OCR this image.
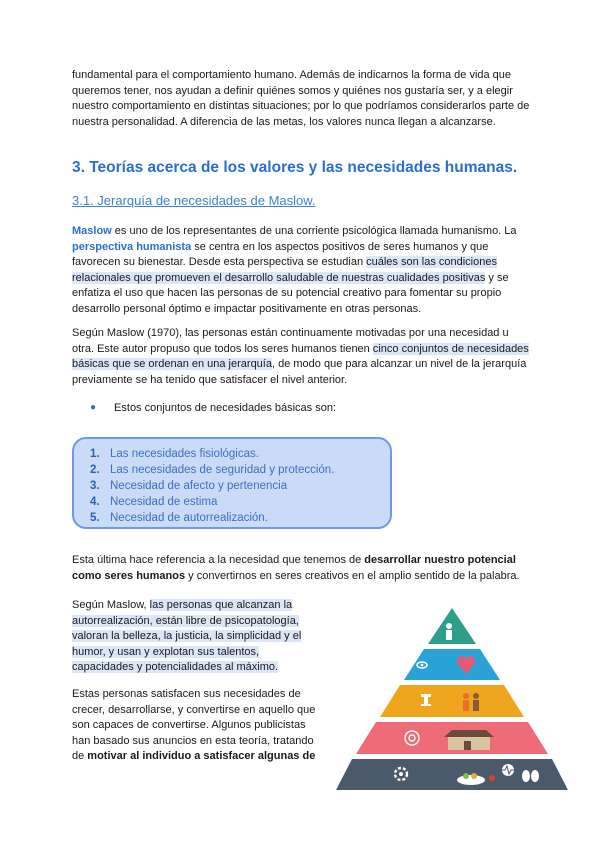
fundamental para el comportamiento humano. Además de indicarnos la forma de vida que queremos tener, nos ayudan a definir quiénes somos y quiénes nos gustaría ser, y a elegir nuestro comportamiento en distintas situaciones; por lo que podríamos considerarlos parte de nuestra personalidad. A diferencia de las metas, los valores nunca llegan a alcanzarse.

3. Teorías acerca de los valores y las necesidades humanas.
3.1. Jerarquía de necesidades de Maslow.

Maslow es uno de los representantes de una corriente psicológica llamada humanismo. La perspectiva humanista se centra en los aspectos positivos de seres humanos y que favorecen su bienestar. Desde esta perspectiva se estudian cuáles son las condiciones relacionales que promueven el desarrollo saludable de nuestras cualidades positivas y se enfatiza el uso que hacen las personas de su potencial creativo para fomentar su propio desarrollo personal óptimo e impactar positivamente en otras personas.

Según Maslow (1970), las personas están continuamente motivadas por una necesidad u otra. Este autor propuso que todos los seres humanos tienen cinco conjuntos de necesidades básicas que se ordenan en una jerarquía, de modo que para alcanzar un nivel de la jerarquía previamente se ha tenido que satisfacer el nivel anterior.

● Estos conjuntos de necesidades básicas son:
1. Las necesidades fisiológicas.
2. Las necesidades de seguridad y protección.
3. Necesidad de afecto y pertenencia
4. Necesidad de estima
5. Necesidad de autorrealización.

Esta última hace referencia a la necesidad que tenemos de desarrollar nuestro potencial como seres humanos y convertirnos en seres creativos en el amplio sentido de la palabra.

Según Maslow, las personas que alcanzan la autorrealización, están libre de psicopatología, valoran la belleza, la justicia, la simplicidad y el humor, y usan y explotan sus talentos, capacidades y potencialidades al máximo.

Estas personas satisfacen sus necesidades de crecer, desarrollarse, y convertirse en aquello que son capaces de convertirse. Algunos publicistas han basado sus anuncios en esta teoría, tratando de motivar al individuo a satisfacer algunas de
